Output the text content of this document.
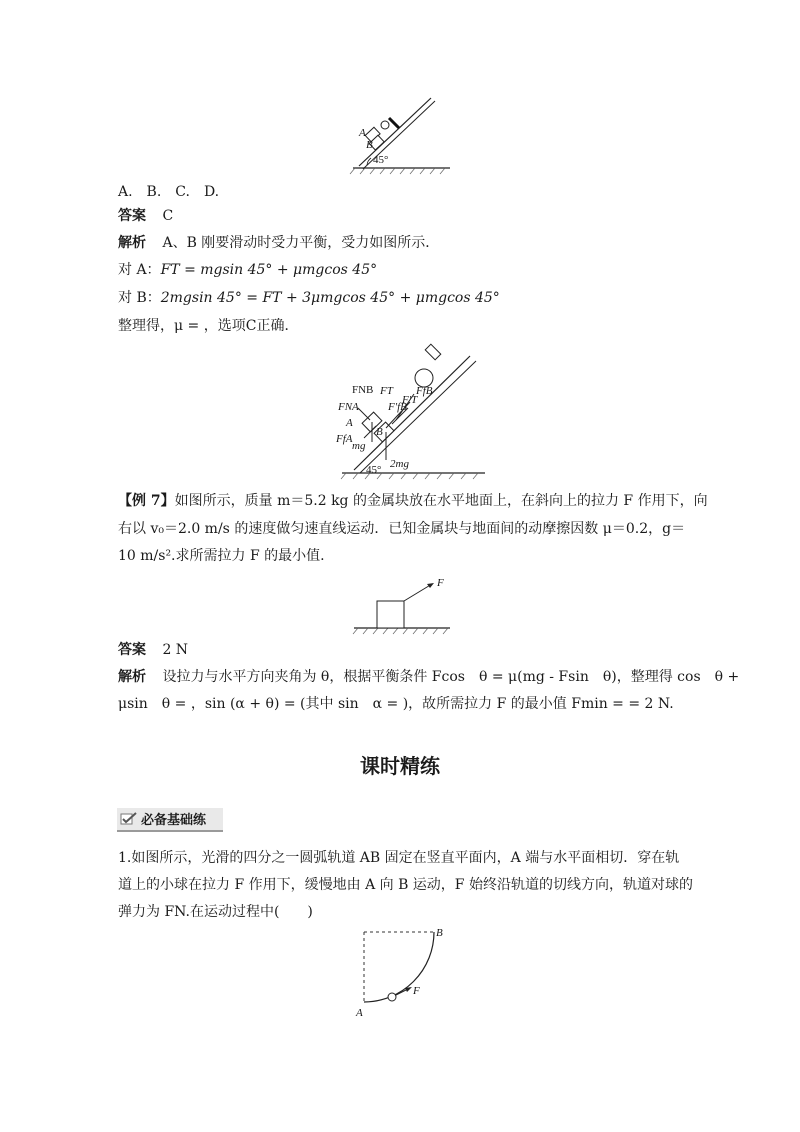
A
B
45°
A.　B.　C.　D.
答案 C
解析 A、B 刚要滑动时受力平衡，受力如图所示．
对 A：FT = mgsin 45° + μmgcos 45°
对 B：2mgsin 45° = FT + 3μmgcos 45° + μmgcos 45°
整理得，μ = ，选项C正确．
FNB
FNA
FT
F'T
FfB
F'fB
A
B
FfA
mg
2mg
45°
【例 7】如图所示，质量 m＝5.2 kg 的金属块放在水平地面上，在斜向上的拉力 F 作用下，向
右以 v₀＝2.0 m/s 的速度做匀速直线运动．已知金属块与地面间的动摩擦因数 μ＝0.2，g＝
10 m/s².求所需拉力 F 的最小值.
F
答案 2 N
解析 设拉力与水平方向夹角为 θ，根据平衡条件 Fcos　θ = μ(mg - Fsin　θ)，整理得 cos　θ +
μsin　θ = ，sin (α + θ) = (其中 sin　α = )，故所需拉力 F 的最小值 Fmin = = 2 N.
课时精练
必备基础练
1.如图所示，光滑的四分之一圆弧轨道 AB 固定在竖直平面内，A 端与水平面相切．穿在轨
道上的小球在拉力 F 作用下，缓慢地由 A 向 B 运动，F 始终沿轨道的切线方向，轨道对球的
弹力为 FN.在运动过程中(　　)
F
A
B
